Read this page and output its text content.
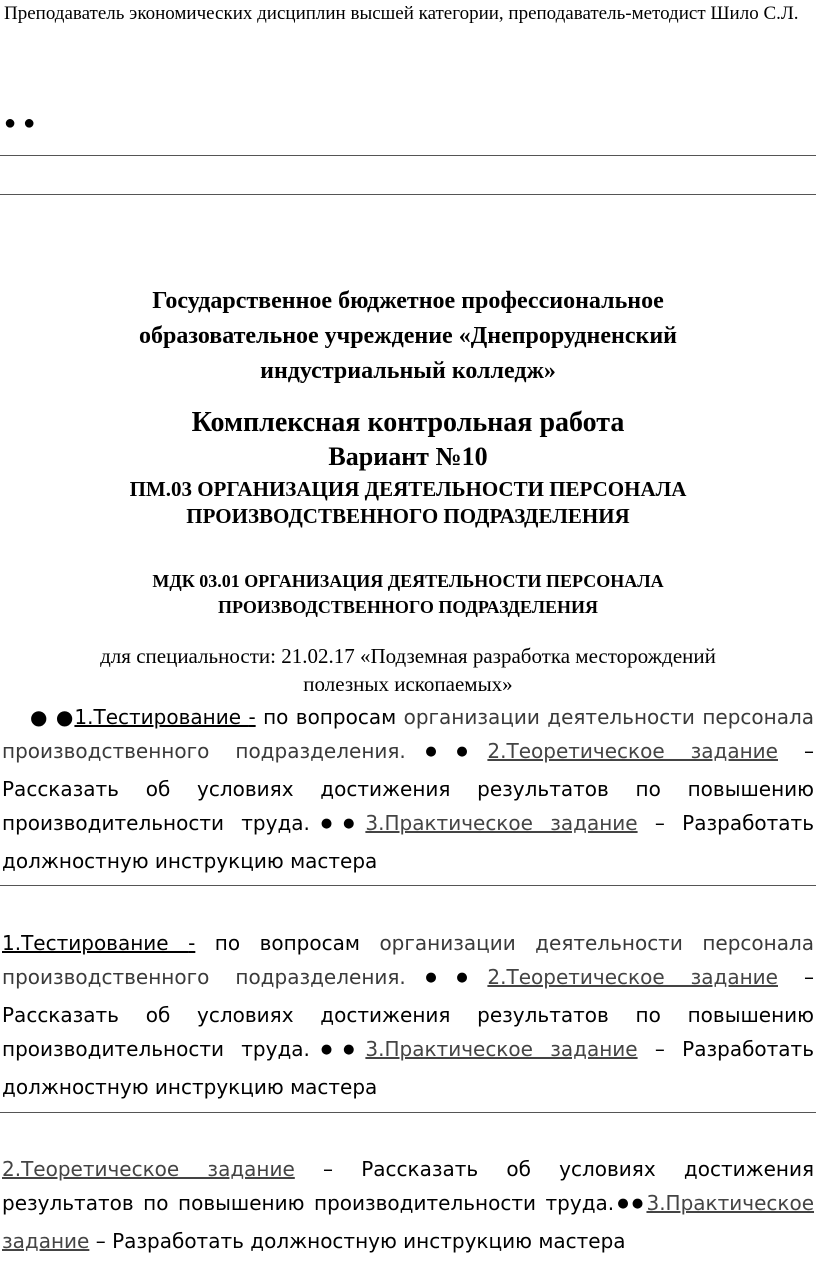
Преподаватель экономических дисциплин высшей категории, преподаватель-методист Шило С.Л.
● ●
Государственное бюджетное профессиональное
образовательное учреждение «Днепрорудненский
индустриальный колледж»
Комплексная контрольная работа
Вариант №10
ПМ.03 ОРГАНИЗАЦИЯ ДЕЯТЕЛЬНОСТИ ПЕРСОНАЛА
ПРОИЗВОДСТВЕННОГО ПОДРАЗДЕЛЕНИЯ
МДК 03.01 ОРГАНИЗАЦИЯ ДЕЯТЕЛЬНОСТИ ПЕРСОНАЛА
ПРОИЗВОДСТВЕННОГО ПОДРАЗДЕЛЕНИЯ
для специальности: 21.02.17 «Подземная разработка месторождений
полезных ископаемых»
● ●1.Тестирование - по вопросам организации деятельности персонала производственного подразделения.●●2.Теоретическое задание – Рассказать об условиях достижения результатов по повышению производительности труда.●●3.Практическое задание – Разработать должностную инструкцию мастера
1.Тестирование - по вопросам организации деятельности персонала производственного подразделения.●●2.Теоретическое задание – Рассказать об условиях достижения результатов по повышению производительности труда.●●3.Практическое задание – Разработать должностную инструкцию мастера
2.Теоретическое задание – Рассказать об условиях достижения результатов по повышению производительности труда.●●3.Практическое задание – Разработать должностную инструкцию мастера
